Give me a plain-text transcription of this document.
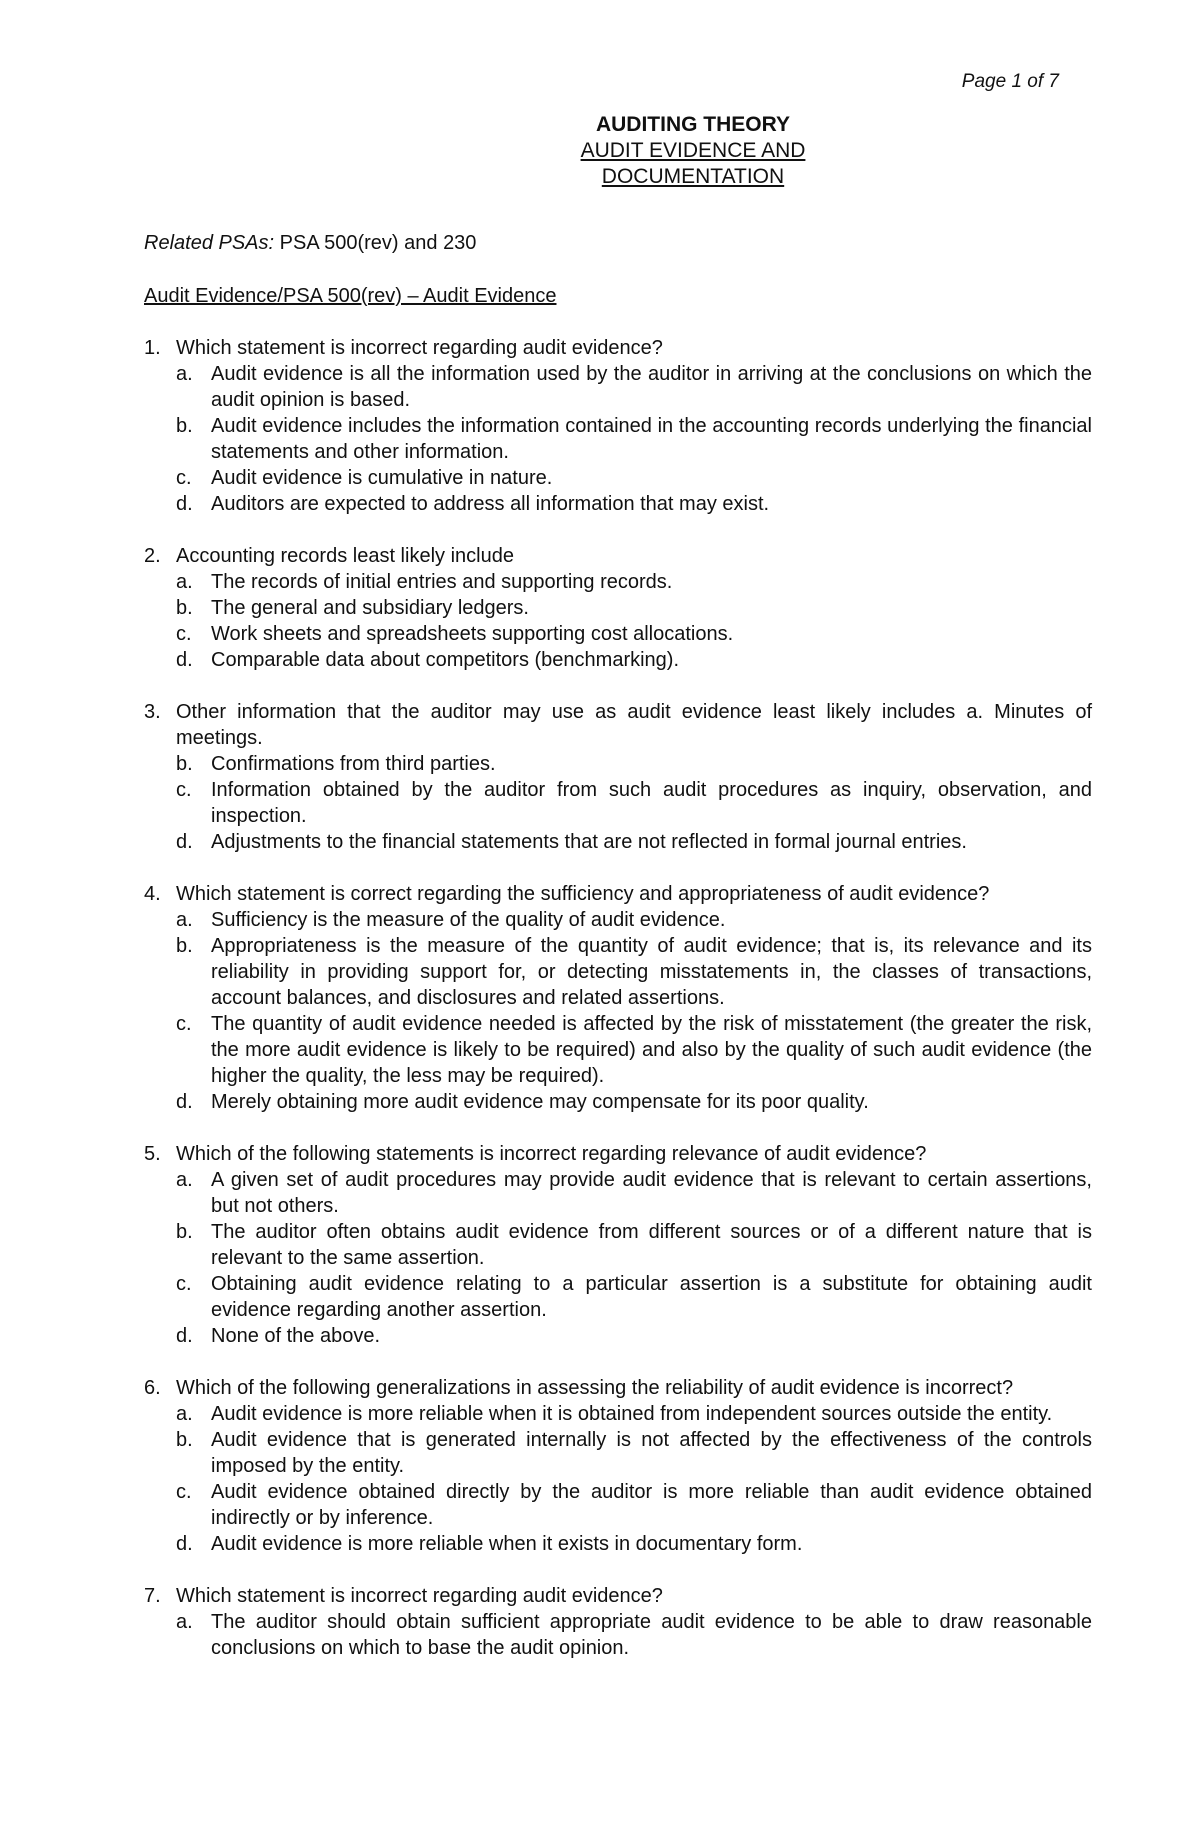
Page 1 of 7
AUDITING THEORY
AUDIT EVIDENCE AND
DOCUMENTATION
Related PSAs: PSA 500(rev) and 230
Audit Evidence/PSA 500(rev) – Audit Evidence
1. Which statement is incorrect regarding audit evidence?
a. Audit evidence is all the information used by the auditor in arriving at the conclusions on which the audit opinion is based.
b. Audit evidence includes the information contained in the accounting records underlying the financial statements and other information.
c. Audit evidence is cumulative in nature.
d. Auditors are expected to address all information that may exist.
2. Accounting records least likely include
a. The records of initial entries and supporting records.
b. The general and subsidiary ledgers.
c. Work sheets and spreadsheets supporting cost allocations.
d. Comparable data about competitors (benchmarking).
3. Other information that the auditor may use as audit evidence least likely includes a. Minutes of meetings.
b. Confirmations from third parties.
c. Information obtained by the auditor from such audit procedures as inquiry, observation, and inspection.
d. Adjustments to the financial statements that are not reflected in formal journal entries.
4. Which statement is correct regarding the sufficiency and appropriateness of audit evidence?
a. Sufficiency is the measure of the quality of audit evidence.
b. Appropriateness is the measure of the quantity of audit evidence; that is, its relevance and its reliability in providing support for, or detecting misstatements in, the classes of transactions, account balances, and disclosures and related assertions.
c. The quantity of audit evidence needed is affected by the risk of misstatement (the greater the risk, the more audit evidence is likely to be required) and also by the quality of such audit evidence (the higher the quality, the less may be required).
d. Merely obtaining more audit evidence may compensate for its poor quality.
5. Which of the following statements is incorrect regarding relevance of audit evidence?
a. A given set of audit procedures may provide audit evidence that is relevant to certain assertions, but not others.
b. The auditor often obtains audit evidence from different sources or of a different nature that is relevant to the same assertion.
c. Obtaining audit evidence relating to a particular assertion is a substitute for obtaining audit evidence regarding another assertion.
d. None of the above.
6. Which of the following generalizations in assessing the reliability of audit evidence is incorrect?
a. Audit evidence is more reliable when it is obtained from independent sources outside the entity.
b. Audit evidence that is generated internally is not affected by the effectiveness of the controls imposed by the entity.
c. Audit evidence obtained directly by the auditor is more reliable than audit evidence obtained indirectly or by inference.
d. Audit evidence is more reliable when it exists in documentary form.
7. Which statement is incorrect regarding audit evidence?
a. The auditor should obtain sufficient appropriate audit evidence to be able to draw reasonable conclusions on which to base the audit opinion.
